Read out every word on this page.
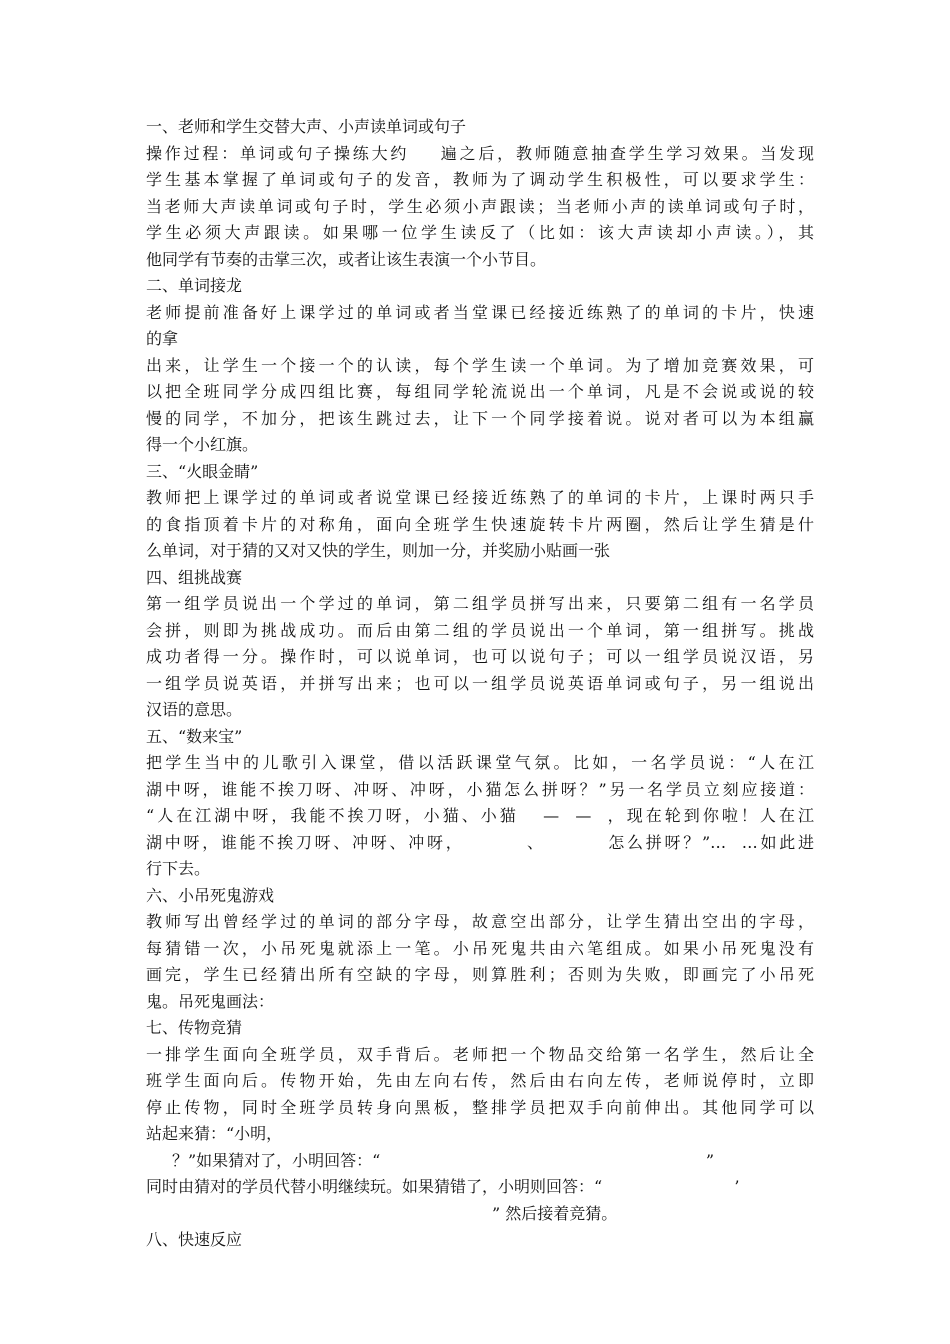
一、老师和学生交替大声、小声读单词或句子
操作过程：单词或句子操练大约    遍之后，教师随意抽查学生学习效果。当发现
学生基本掌握了单词或句子的发音，教师为了调动学生积极性，可以要求学生：
当老师大声读单词或句子时，学生必须小声跟读；当老师小声的读单词或句子时，
学生必须大声跟读。如果哪一位学生读反了（比如：该大声读却小声读。），其
他同学有节奏的击掌三次，或者让该生表演一个小节目。
二、单词接龙
老师提前准备好上课学过的单词或者当堂课已经接近练熟了的单词的卡片，快速
的拿
出来，让学生一个接一个的认读，每个学生读一个单词。为了增加竞赛效果，可
以把全班同学分成四组比赛，每组同学轮流说出一个单词，凡是不会说或说的较
慢的同学，不加分，把该生跳过去，让下一个同学接着说。说对者可以为本组赢
得一个小红旗。
三、“火眼金睛”
教师把上课学过的单词或者说堂课已经接近练熟了的单词的卡片，上课时两只手
的食指顶着卡片的对称角，面向全班学生快速旋转卡片两圈，然后让学生猜是什
么单词，对于猜的又对又快的学生，则加一分，并奖励小贴画一张
四、组挑战赛
第一组学员说出一个学过的单词，第二组学员拼写出来，只要第二组有一名学员
会拼，则即为挑战成功。而后由第二组的学员说出一个单词，第一组拼写。挑战
成功者得一分。操作时，可以说单词，也可以说句子；可以一组学员说汉语，另
一组学员说英语，并拼写出来；也可以一组学员说英语单词或句子，另一组说出
汉语的意思。
五、“数来宝”
把学生当中的儿歌引入课堂，借以活跃课堂气氛。比如，一名学员说：“人在江
湖中呀，谁能不挨刀呀、冲呀、冲呀，小猫怎么拼呀？”另一名学员立刻应接道：
“人在江湖中呀，我能不挨刀呀，小猫、小猫   —  —  ，现在轮到你啦！人在江
湖中呀，谁能不挨刀呀、冲呀、冲呀，        、        怎么拼呀？”…  …如此进
行下去。
六、小吊死鬼游戏
教师写出曾经学过的单词的部分字母，故意空出部分，让学生猜出空出的字母，
每猜错一次，小吊死鬼就添上一笔。小吊死鬼共由六笔组成。如果小吊死鬼没有
画完，学生已经猜出所有空缺的字母，则算胜利；否则为失败，即画完了小吊死
鬼。吊死鬼画法：
七、传物竞猜
一排学生面向全班学员，双手背后。老师把一个物品交给第一名学生，然后让全
班学生面向后。传物开始，先由左向右传，然后由右向左传，老师说停时，立即
停止传物，同时全班学员转身向黑板，整排学员把双手向前伸出。其他同学可以
站起来猜：“小明，
？”如果猜对了，小明回答：“                                                                ”
同时由猜对的学员代替小明继续玩。如果猜错了，小明则回答：“                          ’
” 然后接着竞猜。
八、快速反应
